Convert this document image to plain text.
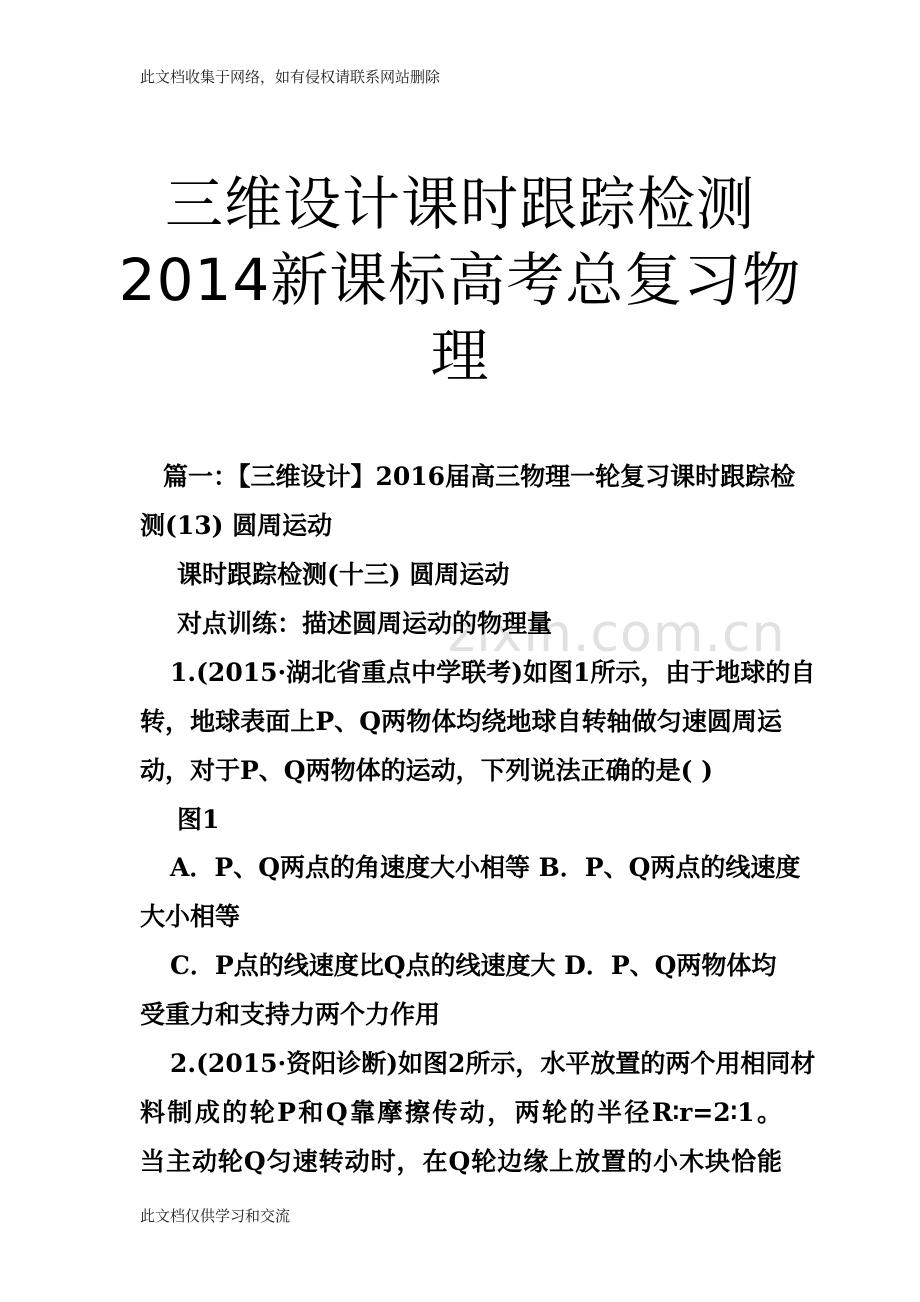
此文档收集于网络，如有侵权请联系网站删除
三维设计课时跟踪检测
2014新课标高考总复习物
理
zixin.com.cn
篇一：【三维设计】2016届高三物理一轮复习课时跟踪检
测(13) 圆周运动
课时跟踪检测(十三) 圆周运动
对点训练：描述圆周运动的物理量
1.(2015·湖北省重点中学联考)如图1所示，由于地球的自
转，地球表面上P、Q两物体均绕地球自转轴做匀速圆周运
动，对于P、Q两物体的运动，下列说法正确的是( )
图1
A．P、Q两点的角速度大小相等 B．P、Q两点的线速度
大小相等
C．P点的线速度比Q点的线速度大 D．P、Q两物体均
受重力和支持力两个力作用
2.(2015·资阳诊断)如图2所示，水平放置的两个用相同材
料制成的轮P和Q靠摩擦传动，两轮的半径R∶r=2∶1。
当主动轮Q匀速转动时，在Q轮边缘上放置的小木块恰能
此文档仅供学习和交流
